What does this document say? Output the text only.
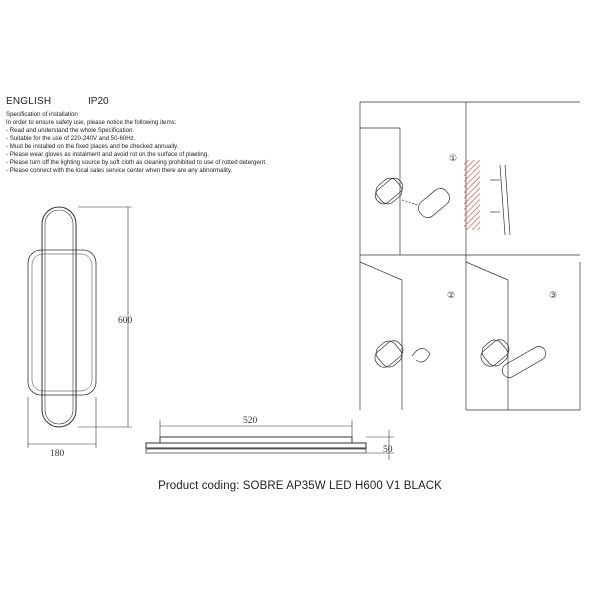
ENGLISH	IP20
Specification of installation
In order to ensure safety use, please notice the following items:
- Read and understand the whole Specification.
- Suitable for the use of 220-240V and 50-60Hz.
- Must be installed on the fixed places and be checked annually.
- Please wear gloves as instalment and avoid rot on the surface of plaeting.
- Please turn off the lighting source by soft cloth as cleaning prohibited to use of rotted detergent.
- Please connect with the local sales service center when there are any abnormality.
600
180
520
50
①
②	③
Product coding: SOBRE AP35W LED H600 V1 BLACK
